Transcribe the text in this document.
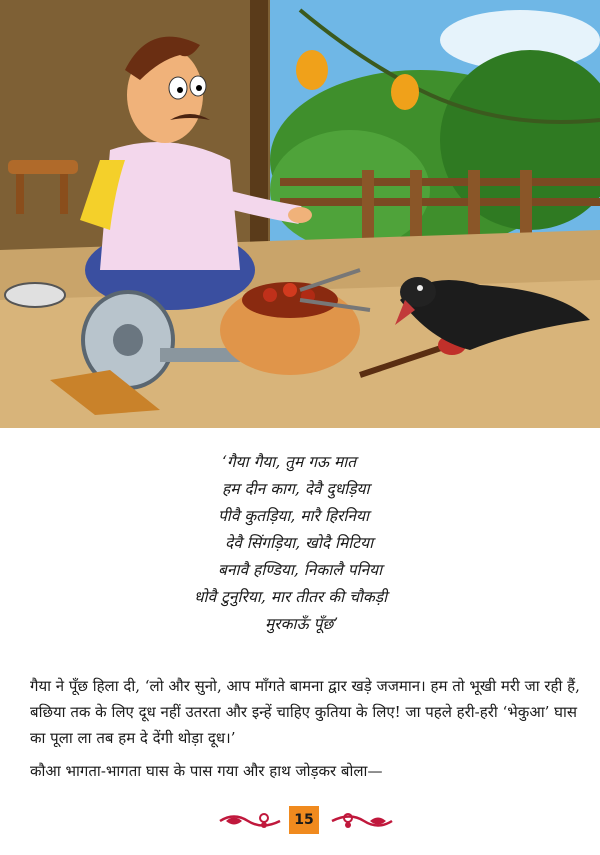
‘गैया गैया, तुम गऊ मात
हम दीन काग, देवै दुधड़िया
पीवै कुतड़िया, मारै हिरनिया
देवै सिंगड़िया, खोदै मिटिया
बनावै हण्डिया, निकालै पनिया
धोवै टुनुरिया, मार तीतर की चौकड़ी
मुरकाऊँ पूँछ’

गैया ने पूँछ हिला दी, ‘लो और सुनो, आप माँगते बामना द्वार खड़े जजमान। हम तो भूखी मरी जा रही हैं, बछिया तक के लिए दूध नहीं उतरता और इन्हें चाहिए कुतिया के लिए! जा पहले हरी-हरी ‘भेकुआ’ घास का पूला ला तब हम दे देंगी थोड़ा दूध।’

कौआ भागता-भागता घास के पास गया और हाथ जोड़कर बोला—

15
